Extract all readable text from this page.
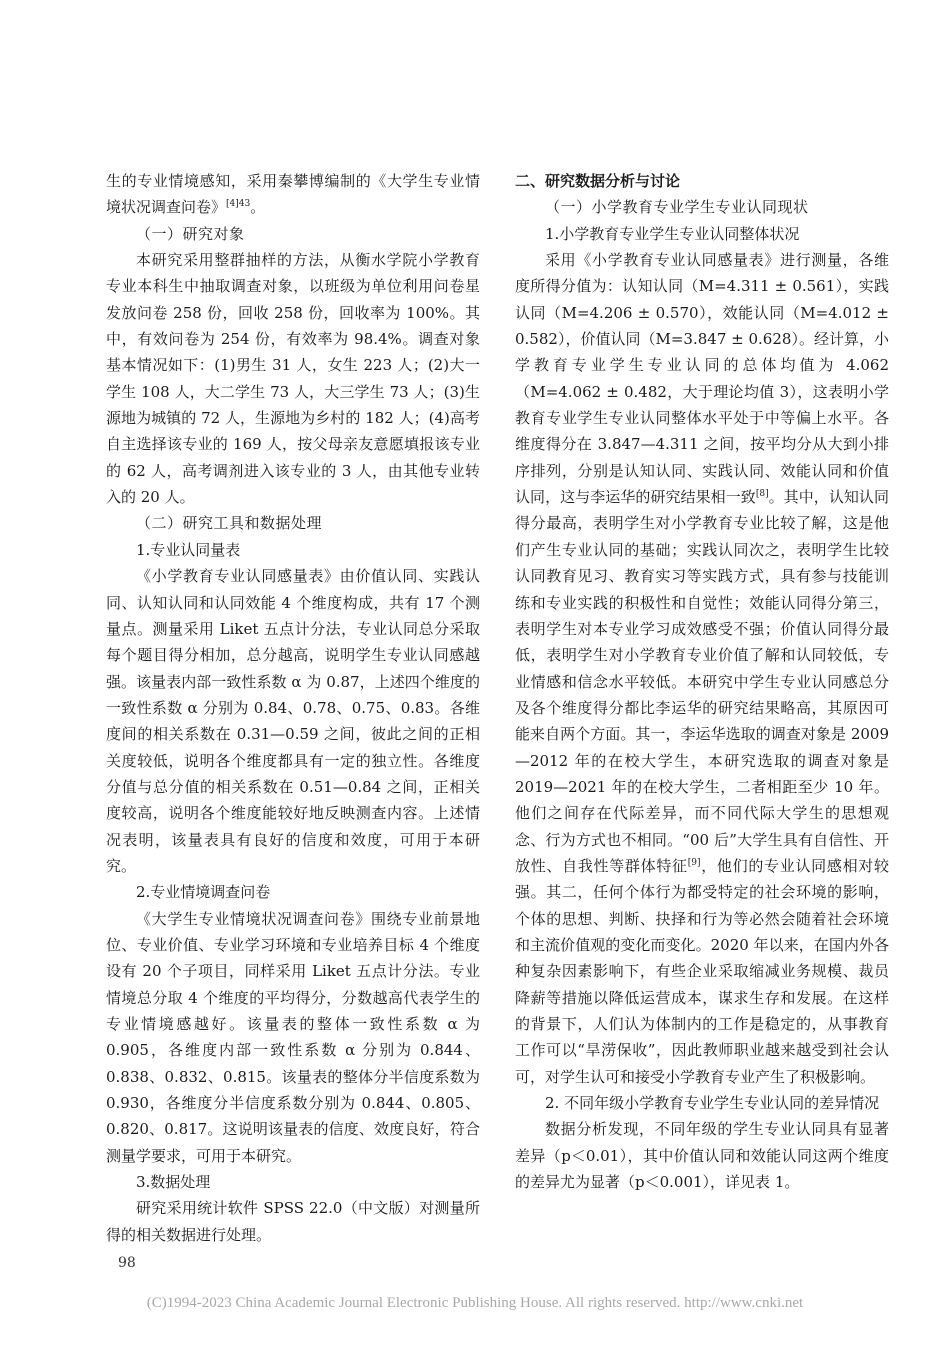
生的专业情境感知，采用秦攀博编制的《大学生专业情境状况调查问卷》$^{[4]43}$。

（一）研究对象

本研究采用整群抽样的方法，从衡水学院小学教育专业本科生中抽取调查对象，以班级为单位利用问卷星发放问卷 258 份，回收 258 份，回收率为 100%。其中，有效问卷为 254 份，有效率为 98.4%。调查对象基本情况如下：(1)男生 31 人，女生 223 人；(2)大一学生 108 人，大二学生 73 人，大三学生 73 人；(3)生源地为城镇的 72 人，生源地为乡村的 182 人；(4)高考自主选择该专业的 169 人，按父母亲友意愿填报该专业的 62 人，高考调剂进入该专业的 3 人，由其他专业转入的 20 人。

（二）研究工具和数据处理

1.专业认同量表

《小学教育专业认同感量表》由价值认同、实践认同、认知认同和认同效能 4 个维度构成，共有 17 个测量点。测量采用 Liket 五点计分法，专业认同总分采取每个题目得分相加，总分越高，说明学生专业认同感越强。该量表内部一致性系数 α 为 0.87，上述四个维度的一致性系数 α 分别为 0.84、0.78、0.75、0.83。各维度间的相关系数在 0.31—0.59 之间，彼此之间的正相关度较低，说明各个维度都具有一定的独立性。各维度分值与总分值的相关系数在 0.51—0.84 之间，正相关度较高，说明各个维度能较好地反映测查内容。上述情况表明，该量表具有良好的信度和效度，可用于本研究。

2.专业情境调查问卷

《大学生专业情境状况调查问卷》围绕专业前景地位、专业价值、专业学习环境和专业培养目标 4 个维度设有 20 个子项目，同样采用 Liket 五点计分法。专业情境总分取 4 个维度的平均得分，分数越高代表学生的专业情境感越好。该量表的整体一致性系数 α 为 0.905，各维度内部一致性系数 α 分别为 0.844、0.838、0.832、0.815。该量表的整体分半信度系数为 0.930，各维度分半信度系数分别为 0.844、0.805、0.820、0.817。这说明该量表的信度、效度良好，符合测量学要求，可用于本研究。

3.数据处理

研究采用统计软件 SPSS 22.0（中文版）对测量所得的相关数据进行处理。

二、研究数据分析与讨论

（一）小学教育专业学生专业认同现状

1.小学教育专业学生专业认同整体状况

采用《小学教育专业认同感量表》进行测量，各维度所得分值为：认知认同（M=4.311 ± 0.561），实践认同（M=4.206 ± 0.570），效能认同（M=4.012 ± 0.582），价值认同（M=3.847 ± 0.628）。经计算，小学教育专业学生专业认同的总体均值为 4.062 （M=4.062 ± 0.482，大于理论均值 3），这表明小学教育专业学生专业认同整体水平处于中等偏上水平。各维度得分在 3.847—4.311 之间，按平均分从大到小排序排列，分别是认知认同、实践认同、效能认同和价值认同，这与李运华的研究结果相一致[8]。其中，认知认同得分最高，表明学生对小学教育专业比较了解，这是他们产生专业认同的基础；实践认同次之，表明学生比较认同教育见习、教育实习等实践方式，具有参与技能训练和专业实践的积极性和自觉性；效能认同得分第三，表明学生对本专业学习成效感受不强；价值认同得分最低，表明学生对小学教育专业价值了解和认同较低，专业情感和信念水平较低。本研究中学生专业认同感总分及各个维度得分都比李运华的研究结果略高，其原因可能来自两个方面。其一，李运华选取的调查对象是 2009—2012 年的在校大学生，本研究选取的调查对象是 2019—2021 年的在校大学生，二者相距至少 10 年。他们之间存在代际差异，而不同代际大学生的思想观念、行为方式也不相同。“00 后”大学生具有自信性、开放性、自我性等群体特征[9]，他们的专业认同感相对较强。其二，任何个体行为都受特定的社会环境的影响，个体的思想、判断、抉择和行为等必然会随着社会环境和主流价值观的变化而变化。2020 年以来，在国内外各种复杂因素影响下，有些企业采取缩减业务规模、裁员降薪等措施以降低运营成本，谋求生存和发展。在这样的背景下，人们认为体制内的工作是稳定的，从事教育工作可以“旱涝保收”，因此教师职业越来越受到社会认可，对学生认可和接受小学教育专业产生了积极影响。

2. 不同年级小学教育专业学生专业认同的差异情况

数据分析发现，不同年级的学生专业认同具有显著差异（p＜0.01），其中价值认同和效能认同这两个维度的差异尤为显著（p＜0.001），详见表 1。

98
(C)1994-2023 China Academic Journal Electronic Publishing House. All rights reserved. http://www.cnki.net
